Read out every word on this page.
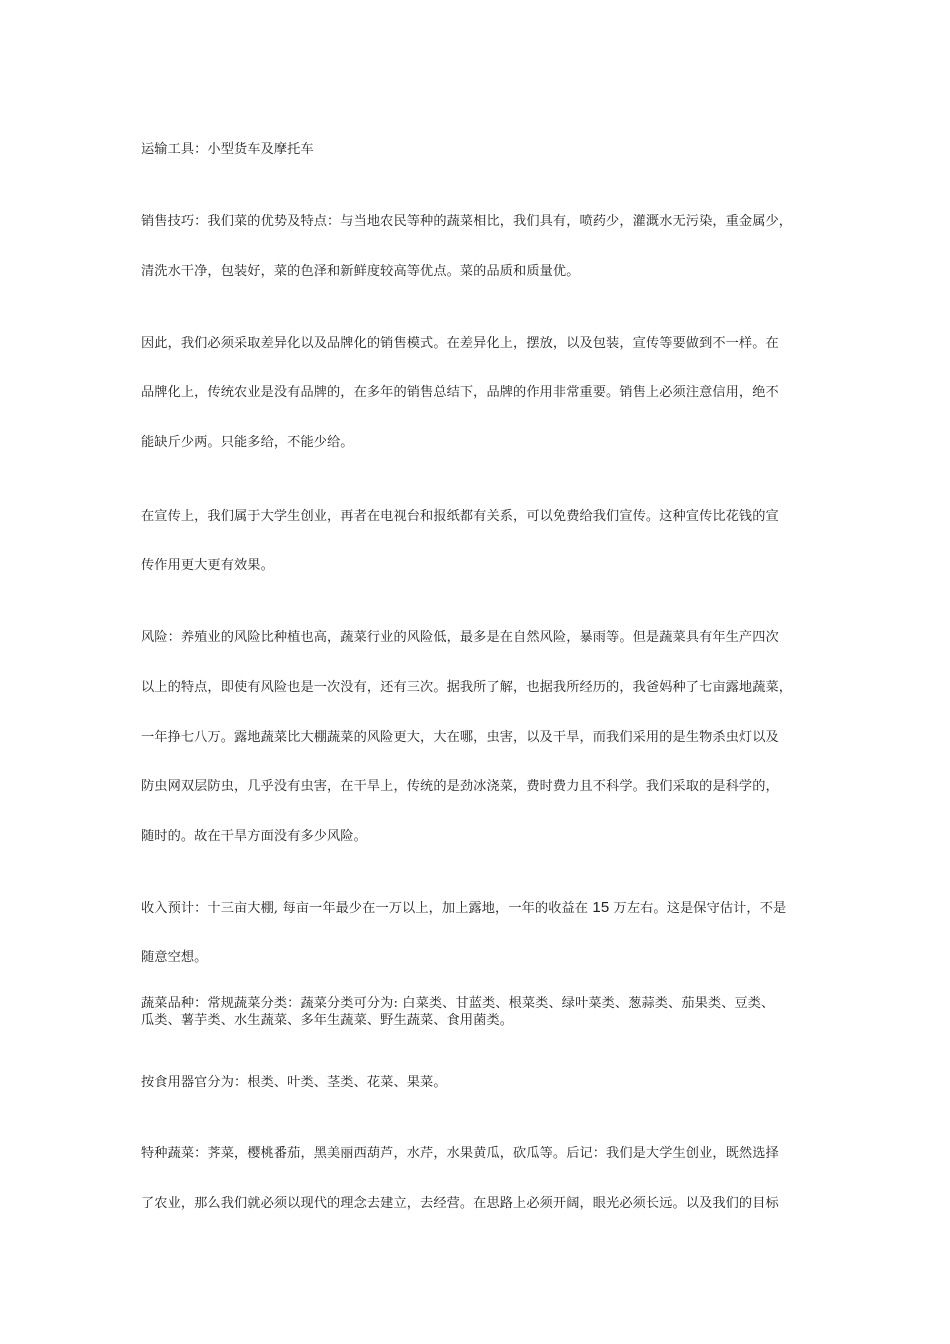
运输工具：小型货车及摩托车
销售技巧：我们菜的优势及特点：与当地农民等种的蔬菜相比，我们具有，喷药少，灌溉水无污染，重金属少，
清洗水干净，包装好，菜的色泽和新鲜度较高等优点。菜的品质和质量优。
因此，我们必须采取差异化以及品牌化的销售模式。在差异化上，摆放，以及包装，宣传等要做到不一样。在
品牌化上，传统农业是没有品牌的，在多年的销售总结下，品牌的作用非常重要。销售上必须注意信用，绝不
能缺斤少两。只能多给，不能少给。
在宣传上，我们属于大学生创业，再者在电视台和报纸都有关系，可以免费给我们宣传。这种宣传比花钱的宣
传作用更大更有效果。
风险：养殖业的风险比种植也高，蔬菜行业的风险低，最多是在自然风险，暴雨等。但是蔬菜具有年生产四次
以上的特点，即使有风险也是一次没有，还有三次。据我所了解，也据我所经历的，我爸妈种了七亩露地蔬菜，
一年挣七八万。露地蔬菜比大棚蔬菜的风险更大，大在哪，虫害，以及干旱，而我们采用的是生物杀虫灯以及
防虫网双层防虫，几乎没有虫害，在干旱上，传统的是劲冰浇菜，费时费力且不科学。我们采取的是科学的，
随时的。故在干旱方面没有多少风险。
收入预计：十三亩大棚, 每亩一年最少在一万以上，加上露地，一年的收益在 15 万左右。这是保守估计，不是
随意空想。
蔬菜品种：常规蔬菜分类：蔬菜分类可分为: 白菜类、甘蓝类、根菜类、绿叶菜类、葱蒜类、茄果类、豆类、
瓜类、薯芋类、水生蔬菜、多年生蔬菜、野生蔬菜、食用菌类。
按食用器官分为：根类、叶类、茎类、花菜、果菜。
特种蔬菜：荠菜，樱桃番茄，黑美丽西葫芦，水芹，水果黄瓜，砍瓜等。后记：我们是大学生创业，既然选择
了农业，那么我们就必须以现代的理念去建立，去经营。在思路上必须开阔，眼光必须长远。以及我们的目标
